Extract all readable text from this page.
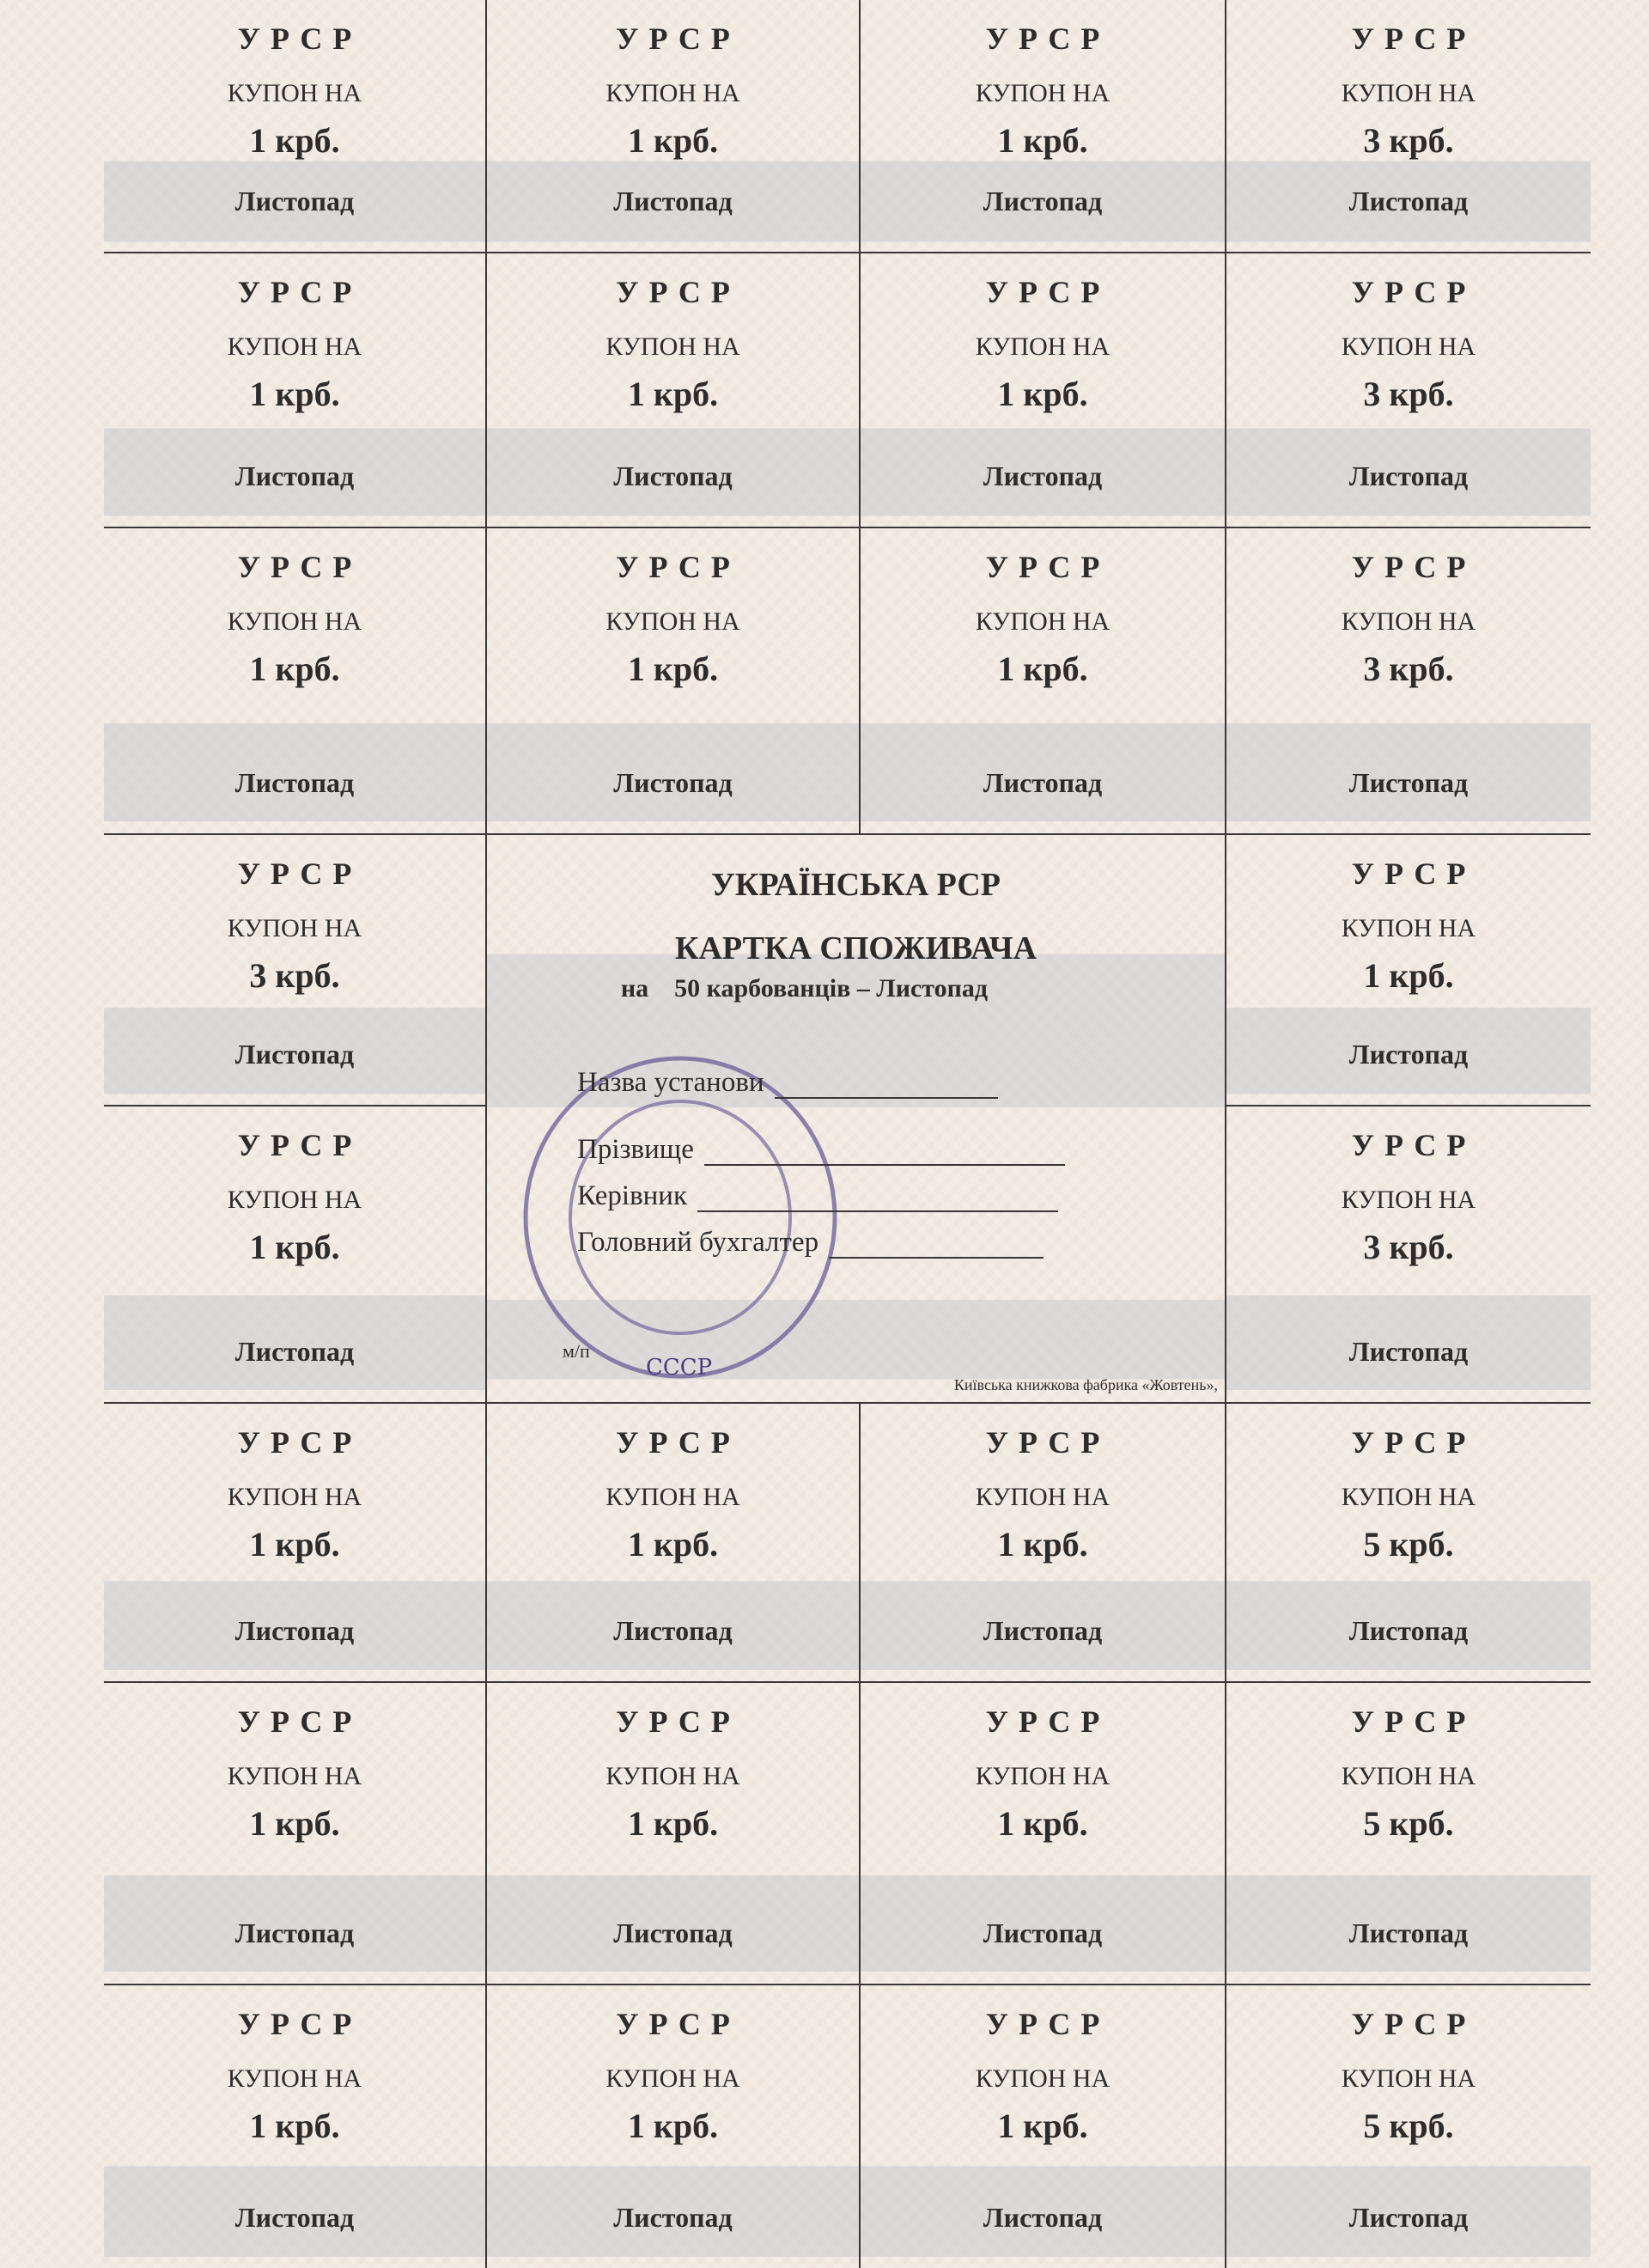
УКРАЇНСЬКА РСР
КАРТКА СПОЖИВАЧА
на    50 карбованців – Листопад
СССР
Назва установи
Прізвище
Керівник
Головний бухгалтер
м/п
Київська книжкова фабрика «Жовтень»,
УРСР
КУПОН НА
1 крб.
Листопад
УРСР
КУПОН НА
1 крб.
Листопад
УРСР
КУПОН НА
1 крб.
Листопад
УРСР
КУПОН НА
3 крб.
Листопад
УРСР
КУПОН НА
1 крб.
Листопад
УРСР
КУПОН НА
1 крб.
Листопад
УРСР
КУПОН НА
1 крб.
Листопад
УРСР
КУПОН НА
3 крб.
Листопад
УРСР
КУПОН НА
1 крб.
Листопад
УРСР
КУПОН НА
1 крб.
Листопад
УРСР
КУПОН НА
1 крб.
Листопад
УРСР
КУПОН НА
3 крб.
Листопад
УРСР
КУПОН НА
3 крб.
Листопад
УРСР
КУПОН НА
1 крб.
Листопад
УРСР
КУПОН НА
1 крб.
Листопад
УРСР
КУПОН НА
3 крб.
Листопад
УРСР
КУПОН НА
1 крб.
Листопад
УРСР
КУПОН НА
1 крб.
Листопад
УРСР
КУПОН НА
1 крб.
Листопад
УРСР
КУПОН НА
5 крб.
Листопад
УРСР
КУПОН НА
1 крб.
Листопад
УРСР
КУПОН НА
1 крб.
Листопад
УРСР
КУПОН НА
1 крб.
Листопад
УРСР
КУПОН НА
5 крб.
Листопад
УРСР
КУПОН НА
1 крб.
Листопад
УРСР
КУПОН НА
1 крб.
Листопад
УРСР
КУПОН НА
1 крб.
Листопад
УРСР
КУПОН НА
5 крб.
Листопад
